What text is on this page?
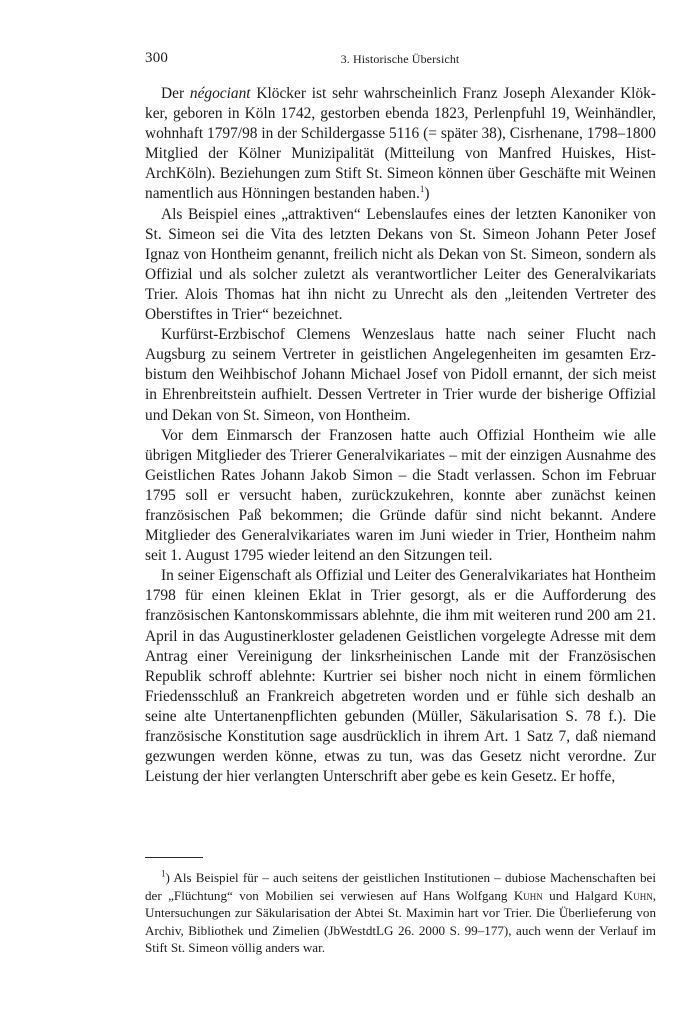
300	3. Historische Übersicht

Der négociant Klöcker ist sehr wahrscheinlich Franz Joseph Alexander Klökker, geboren in Köln 1742, gestorben ebenda 1823, Perlenpfuhl 19, Weinhändler, wohnhaft 1797/98 in der Schildergasse 5116 (= später 38), Cisrhenane, 1798–1800 Mitglied der Kölner Munizipalität (Mitteilung von Manfred Huiskes, Hist-ArchKöln). Beziehungen zum Stift St. Simeon können über Geschäfte mit Weinen namentlich aus Hönningen bestanden haben.$^1$)

Als Beispiel eines „attraktiven“ Lebenslaufes eines der letzten Kanoniker von St. Simeon sei die Vita des letzten Dekans von St. Simeon Johann Peter Josef Ignaz von Hontheim genannt, freilich nicht als Dekan von St. Simeon, sondern als Offizial und als solcher zuletzt als verantwortlicher Leiter des Generalvikariats Trier. Alois Thomas hat ihn nicht zu Unrecht als den „leitenden Vertreter des Oberstiftes in Trier“ bezeichnet.

Kurfürst-Erzbischof Clemens Wenzeslaus hatte nach seiner Flucht nach Augsburg zu seinem Vertreter in geistlichen Angelegenheiten im gesamten Erzbistum den Weihbischof Johann Michael Josef von Pidoll ernannt, der sich meist in Ehrenbreitstein aufhielt. Dessen Vertreter in Trier wurde der bisherige Offizial und Dekan von St. Simeon, von Hontheim.

Vor dem Einmarsch der Franzosen hatte auch Offizial Hontheim wie alle übrigen Mitglieder des Trierer Generalvikariates – mit der einzigen Ausnahme des Geistlichen Rates Johann Jakob Simon – die Stadt verlassen. Schon im Februar 1795 soll er versucht haben, zurückzukehren, konnte aber zunächst keinen französischen Paß bekommen; die Gründe dafür sind nicht bekannt. Andere Mitglieder des Generalvikariates waren im Juni wieder in Trier, Hontheim nahm seit 1. August 1795 wieder leitend an den Sitzungen teil.

In seiner Eigenschaft als Offizial und Leiter des Generalvikariates hat Hontheim 1798 für einen kleinen Eklat in Trier gesorgt, als er die Aufforderung des französischen Kantonskommissars ablehnte, die ihm mit weiteren rund 200 am 21. April in das Augustinerkloster geladenen Geistlichen vorgelegte Adresse mit dem Antrag einer Vereinigung der linksrheinischen Lande mit der Französischen Republik schroff ablehnte: Kurtrier sei bisher noch nicht in einem förmlichen Friedensschluß an Frankreich abgetreten worden und er fühle sich deshalb an seine alte Untertanenpflichten gebunden (Müller, Säkularisation S. 78 f.). Die französische Konstitution sage ausdrücklich in ihrem Art. 1 Satz 7, daß niemand gezwungen werden könne, etwas zu tun, was das Gesetz nicht verordne. Zur Leistung der hier verlangten Unterschrift aber gebe es kein Gesetz. Er hoffe,

$^1$) Als Beispiel für – auch seitens der geistlichen Institutionen – dubiose Machenschaften bei der „Flüchtung“ von Mobilien sei verwiesen auf Hans Wolfgang Kuhn und Halgard Kuhn, Untersuchungen zur Säkularisation der Abtei St. Maximin hart vor Trier. Die Überlieferung von Archiv, Bibliothek und Zimelien (JbWestdtLG 26. 2000 S. 99–177), auch wenn der Verlauf im Stift St. Simeon völlig anders war.
